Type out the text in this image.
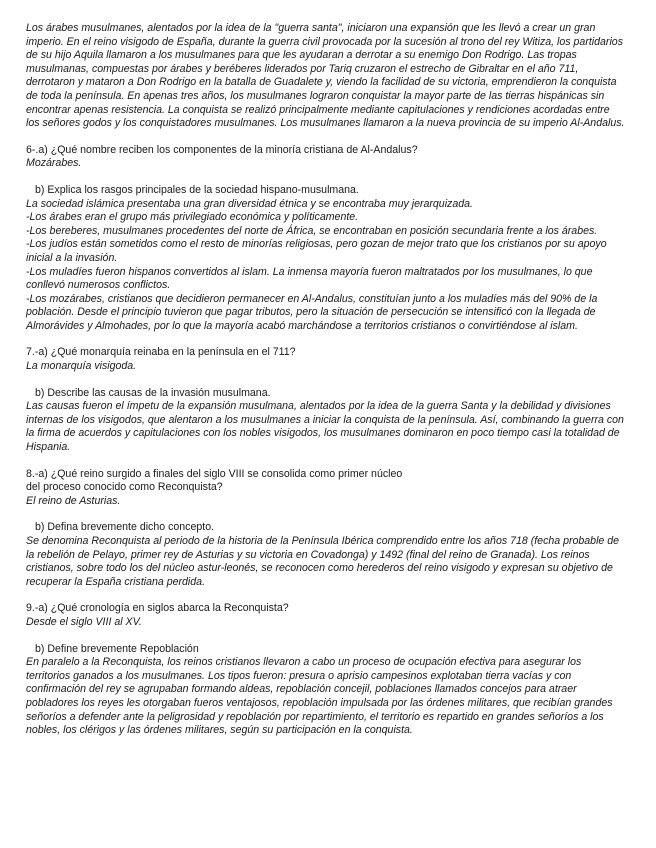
Los árabes musulmanes, alentados por la idea de la "guerra santa", iniciaron una expansión que les llevó a crear un gran imperio. En el reino visigodo de España, durante la guerra civil provocada por la sucesión al trono del rey Witiza, los partidarios de su hijo Aquila llamaron a los musulmanes para que les ayudaran a derrotar a su enemigo Don Rodrigo. Las tropas musulmanas, compuestas por árabes y beréberes liderados por Tariq cruzaron el estrecho de Gibraltar en el año 711, derrotaron y mataron a Don Rodrigo en la batalla de Guadalete y, viendo la facilidad de su victoria, emprendieron la conquista de toda la península. En apenas tres años, los musulmanes lograron conquistar la mayor parte de las tierras hispánicas sin encontrar apenas resistencia. La conquista se realizó principalmente mediante capitulaciones y rendiciones acordadas entre los señores godos y los conquistadores musulmanes. Los musulmanes llamaron a la nueva provincia de su imperio Al-Andalus.

6-.a) ¿Qué nombre reciben los componentes de la minoría cristiana de Al-Andalus?
Mozárabes.
b) Explica los rasgos principales de la sociedad hispano-musulmana.
La sociedad islámica presentaba una gran diversidad étnica y se encontraba muy jerarquizada.
-Los árabes eran el grupo más privilegiado económica y políticamente.
-Los bereberes, musulmanes procedentes del norte de África, se encontraban en posición secundaria frente a los árabes.
-Los judíos están sometidos como el resto de minorías religiosas, pero gozan de mejor trato que los cristianos por su apoyo inicial a la invasión.
-Los muladíes fueron hispanos convertidos al islam. La inmensa mayoría fueron maltratados por los musulmanes, lo que conllevó numerosos conflictos.
-Los mozárabes, cristianos que decidieron permanecer en Al-Andalus, constituían junto a los muladíes más del 90% de la población. Desde el principio tuvieron que pagar tributos, pero la situación de persecución se intensificó con la llegada de Almorávides y Almohades, por lo que la mayoría acabó marchándose a territorios cristianos o convirtiéndose al islam.
7.-a) ¿Qué monarquía reinaba en la península en el 711?
La monarquía visigoda.
b) Describe las causas de la invasión musulmana.
Las causas fueron el ímpetu de la expansión musulmana, alentados por la idea de la guerra Santa y la debilidad y divisiones internas de los visigodos, que alentaron a los musulmanes a iniciar la conquista de la península. Así, combinando la guerra con la firma de acuerdos y capitulaciones con los nobles visigodos, los musulmanes dominaron en poco tiempo casi la totalidad de Hispania.
8.-a) ¿Qué reino surgido a finales del siglo VIII se consolida como primer núcleo
del proceso conocido como Reconquista?
El reino de Asturias.
b) Defina brevemente dicho concepto.
Se denomina Reconquista al periodo de la historia de la Península Ibérica comprendido entre los años 718 (fecha probable de la rebelión de Pelayo, primer rey de Asturias y su victoria en Covadonga) y 1492 (final del reino de Granada). Los reinos cristianos, sobre todo los del núcleo astur-leonés, se reconocen como herederos del reino visigodo y expresan su objetivo de recuperar la España cristiana perdida.
9.-a) ¿Qué cronología en siglos abarca la Reconquista?
Desde el siglo VIII al XV.
b) Define brevemente Repoblación
En paralelo a la Reconquista, los reinos cristianos llevaron a cabo un proceso de ocupación efectiva para asegurar los territorios ganados a los musulmanes. Los tipos fueron: presura o aprisio campesinos explotaban tierra vacías y con confirmación del rey se agrupaban formando aldeas, repoblación concejil, poblaciones llamados concejos para atraer pobladores los reyes les otorgaban fueros ventajosos, repoblación impulsada por las órdenes militares, que recibían grandes señoríos a defender ante la peligrosidad y repoblación por repartimiento, el territorio es repartido en grandes señoríos a los nobles, los clérigos y las órdenes militares, según su participación en la conquista.
